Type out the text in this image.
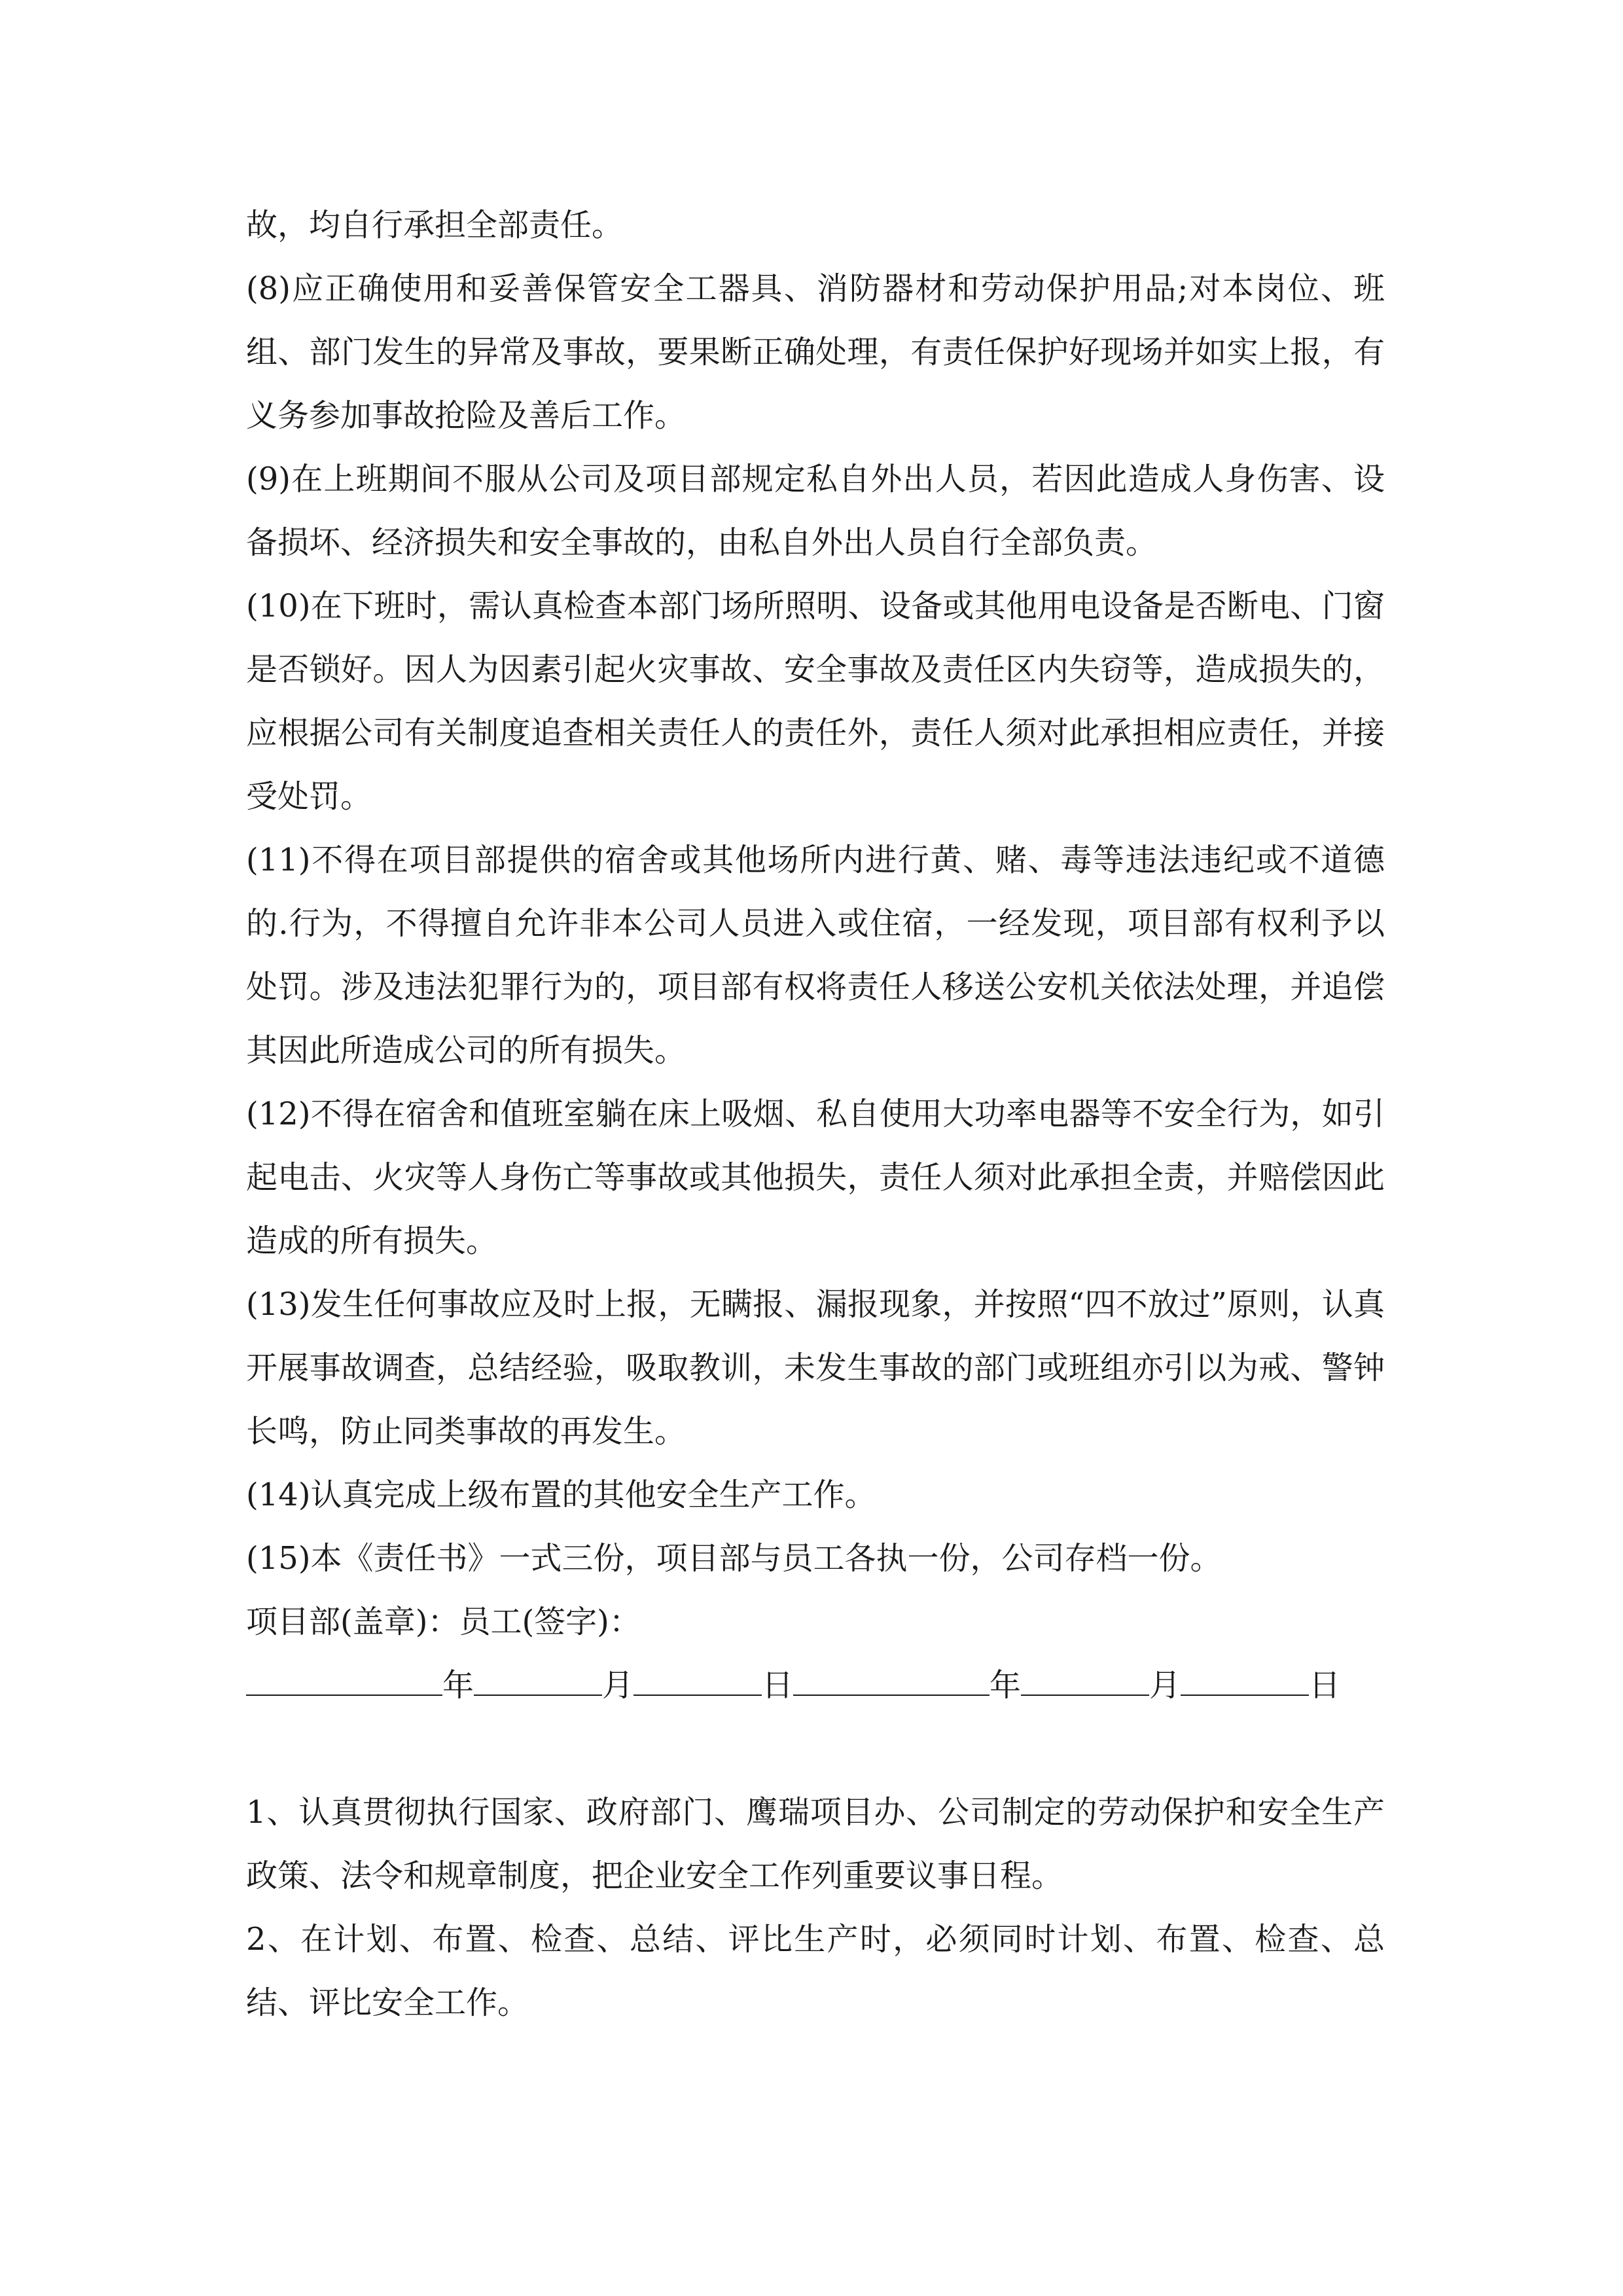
故，均自行承担全部责任。

(8)应正确使用和妥善保管安全工器具、消防器材和劳动保护用品;对本岗位、班组、部门发生的异常及事故，要果断正确处理，有责任保护好现场并如实上报，有义务参加事故抢险及善后工作。

(9)在上班期间不服从公司及项目部规定私自外出人员，若因此造成人身伤害、设备损坏、经济损失和安全事故的，由私自外出人员自行全部负责。

(10)在下班时，需认真检查本部门场所照明、设备或其他用电设备是否断电、门窗是否锁好。因人为因素引起火灾事故、安全事故及责任区内失窃等，造成损失的，应根据公司有关制度追查相关责任人的责任外，责任人须对此承担相应责任，并接受处罚。

(11)不得在项目部提供的宿舍或其他场所内进行黄、赌、毒等违法违纪或不道德的.行为，不得擅自允许非本公司人员进入或住宿，一经发现，项目部有权利予以处罚。涉及违法犯罪行为的，项目部有权将责任人移送公安机关依法处理，并追偿其因此所造成公司的所有损失。

(12)不得在宿舍和值班室躺在床上吸烟、私自使用大功率电器等不安全行为，如引起电击、火灾等人身伤亡等事故或其他损失，责任人须对此承担全责，并赔偿因此造成的所有损失。

(13)发生任何事故应及时上报，无瞒报、漏报现象，并按照“四不放过”原则，认真开展事故调查，总结经验，吸取教训，未发生事故的部门或班组亦引以为戒、警钟长鸣，防止同类事故的再发生。

(14)认真完成上级布置的其他安全生产工作。

(15)本《责任书》一式三份，项目部与员工各执一份，公司存档一份。

项目部(盖章)：员工(签字)：

年	月	日	年	月	日

1、认真贯彻执行国家、政府部门、鹰瑞项目办、公司制定的劳动保护和安全生产政策、法令和规章制度，把企业安全工作列重要议事日程。

2、在计划、布置、检查、总结、评比生产时，必须同时计划、布置、检查、总结、评比安全工作。
